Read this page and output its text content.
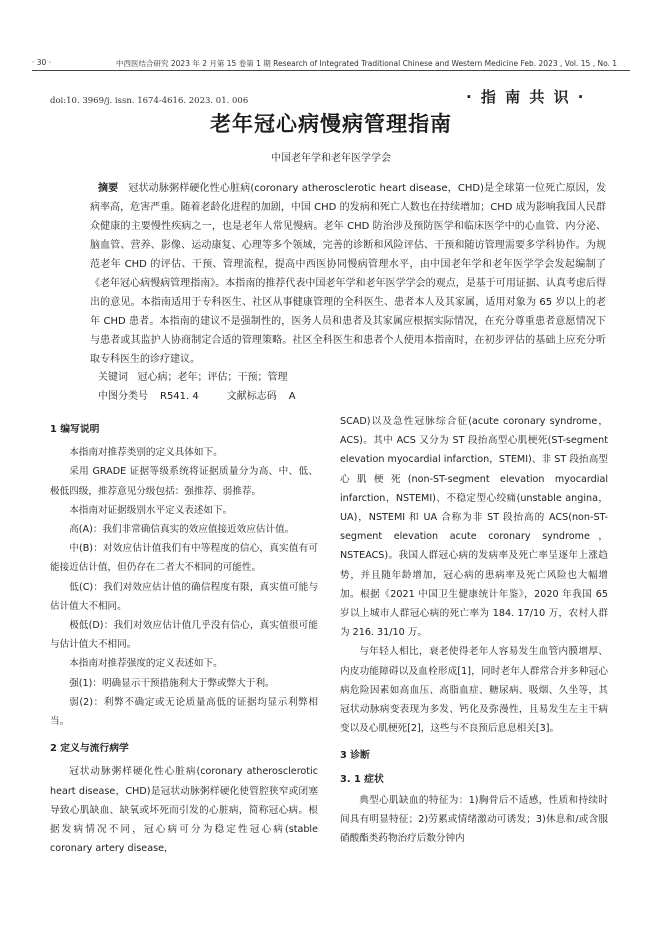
· 30 ·	中西医结合研究 2023 年 2 月第 15 卷第 1 期 Research of Integrated Traditional Chinese and Western Medicine Feb. 2023 , Vol. 15 , No. 1
doi:10. 3969/j. issn. 1674-4616. 2023. 01. 006	· 指 南 共 识 ·
老年冠心病慢病管理指南
中国老年学和老年医学学会

摘要 冠状动脉粥样硬化性心脏病(coronary atherosclerotic heart disease，CHD)是全球第一位死亡原因，发病率高，危害严重。随着老龄化进程的加剧，中国 CHD 的发病和死亡人数也在持续增加；CHD 成为影响我国人民群众健康的主要慢性疾病之一，也是老年人常见慢病。老年 CHD 防治涉及预防医学和临床医学中的心血管、内分泌、脑血管、营养、影像、运动康复、心理等多个领域，完善的诊断和风险评估、干预和随访管理需要多学科协作。为规范老年 CHD 的评估、干预、管理流程，提高中西医协同慢病管理水平，由中国老年学和老年医学学会发起编制了《老年冠心病慢病管理指南》。本指南的推荐代表中国老年学和老年医学学会的观点，是基于可用证据、认真考虑后得出的意见。本指南适用于专科医生、社区从事健康管理的全科医生、患者本人及其家属，适用对象为 65 岁以上的老年 CHD 患者。本指南的建议不是强制性的，医务人员和患者及其家属应根据实际情况，在充分尊重患者意愿情况下与患者或其监护人协商制定合适的管理策略。社区全科医生和患者个人使用本指南时，在初步评估的基础上应充分听取专科医生的诊疗建议。

关键词 冠心病；老年；评估；干预；管理
中图分类号 R541. 4	文献标志码 A
1 编写说明

本指南对推荐类别的定义具体如下。

采用 GRADE 证据等级系统将证据质量分为高、中、低、极低四级，推荐意见分级包括：强推荐、弱推荐。

本指南对证据级别水平定义表述如下。

高(A)：我们非常确信真实的效应值接近效应估计值。

中(B)：对效应估计值我们有中等程度的信心，真实值有可能接近估计值，但仍存在二者大不相同的可能性。

低(C)：我们对效应估计值的确信程度有限，真实值可能与估计值大不相同。

极低(D)：我们对效应估计值几乎没有信心，真实值很可能与估计值大不相同。

本指南对推荐强度的定义表述如下。

强(1)：明确显示干预措施利大于弊或弊大于利。

弱(2)：利弊不确定或无论质量高低的证据均显示利弊相当。

2 定义与流行病学

冠状动脉粥样硬化性心脏病(coronary atherosclerotic heart disease，CHD)是冠状动脉粥样硬化使管腔狭窄或闭塞导致心肌缺血、缺氧或坏死而引发的心脏病，简称冠心病。根据发病情况不同，冠心病可分为稳定性冠心病(stable coronary artery disease，

SCAD)以及急性冠脉综合征(acute coronary syndrome，ACS)。其中 ACS 又分为 ST 段抬高型心肌梗死(ST-segment elevation myocardial infarction，STEMI)、非 ST 段抬高型心肌梗死(non-ST-segment elevation myocardial infarction，NSTEMI)、不稳定型心绞痛(unstable angina，UA)，NSTEMI 和 UA 合称为非 ST 段抬高的 ACS(non-ST-segment elevation acute coronary syndrome，NSTEACS)。我国人群冠心病的发病率及死亡率呈逐年上涨趋势，并且随年龄增加，冠心病的患病率及死亡风险也大幅增加。根据《2021 中国卫生健康统计年鉴》，2020 年我国 65 岁以上城市人群冠心病的死亡率为 184. 17/10 万，农村人群为 216. 31/10 万。

与年轻人相比，衰老使得老年人容易发生血管内膜增厚、内皮功能障碍以及血栓形成[1]，同时老年人群常合并多种冠心病危险因素如高血压、高脂血症、糖尿病、吸烟、久坐等，其冠状动脉病变表现为多发、钙化及弥漫性，且易发生左主干病变以及心肌梗死[2]，这些与不良预后息息相关[3]。

3 诊断
3. 1 症状

典型心肌缺血的特征为：1)胸骨后不适感，性质和持续时间具有明显特征；2)劳累或情绪激动可诱发；3)休息和/或含服硝酸酯类药物治疗后数分钟内
